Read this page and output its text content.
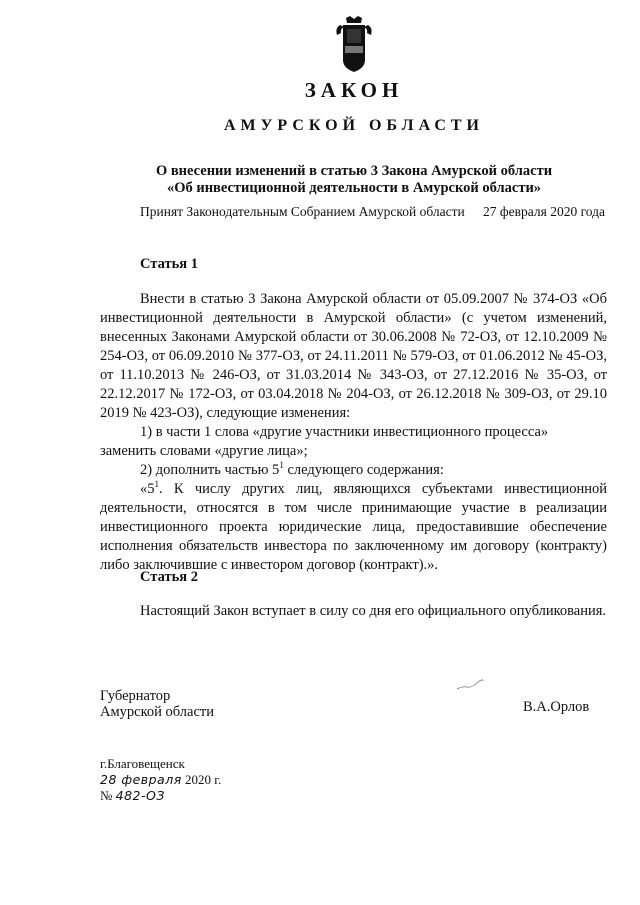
ЗАКОН
АМУРСКОЙ ОБЛАСТИ
О внесении изменений в статью 3 Закона Амурской области
«Об инвестиционной деятельности в Амурской области»
Принят Законодательным Собранием Амурской области 27 февраля 2020 года
Статья 1

Внести в статью 3 Закона Амурской области от 05.09.2007 № 374-ОЗ «Об инвестиционной деятельности в Амурской области» (с учетом изменений, внесенных Законами Амурской области от 30.06.2008 № 72-ОЗ, от 12.10.2009 № 254-ОЗ, от 06.09.2010 № 377-ОЗ, от 24.11.2011 № 579-ОЗ, от 01.06.2012 № 45-ОЗ, от 11.10.2013 № 246-ОЗ, от 31.03.2014 № 343-ОЗ, от 27.12.2016 № 35-ОЗ, от 22.12.2017 № 172-ОЗ, от 03.04.2018 № 204-ОЗ, от 26.12.2018 № 309-ОЗ, от 29.10 2019 № 423-ОЗ), следующие изменения:

1) в части 1 слова «другие участники инвестиционного процесса»

заменить словами «другие лица»;

2) дополнить частью $5^1$ следующего содержания:

«$5^1$. К числу других лиц, являющихся субъектами инвестиционной деятельности, относятся в том числе принимающие участие в реализации инвестиционного проекта юридические лица, предоставившие обеспечение исполнения обязательств инвестора по заключенному им договору (контракту) либо заключившие с инвестором договор (контракт).».

Статья 2

Настоящий Закон вступает в силу со дня его официального опубликования.

Губернатор
Амурской области	В.А.Орлов
г.Благовещенск
28 февраля 2020 г.
№ 482-ОЗ
